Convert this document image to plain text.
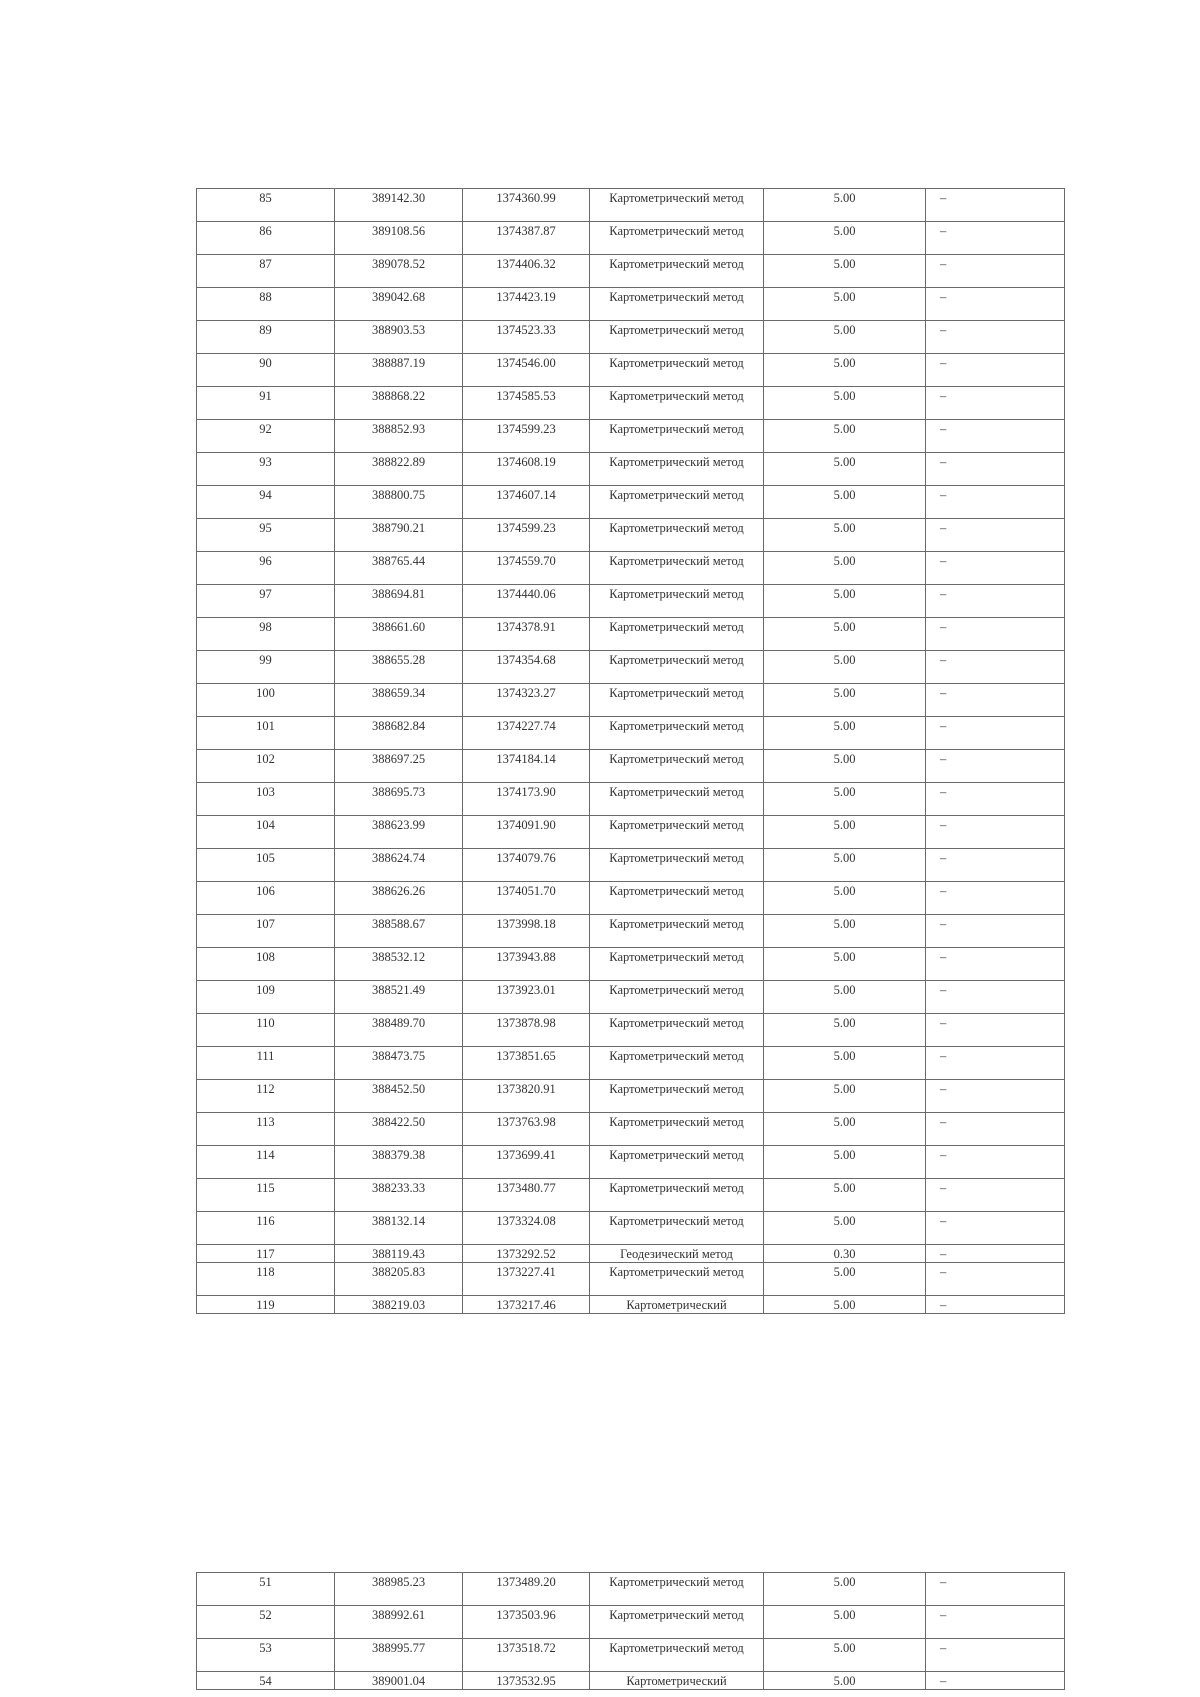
85	389142.30	1374360.99	Картометрический метод	5.00	–
86	389108.56	1374387.87	Картометрический метод	5.00	–
87	389078.52	1374406.32	Картометрический метод	5.00	–
88	389042.68	1374423.19	Картометрический метод	5.00	–
89	388903.53	1374523.33	Картометрический метод	5.00	–
90	388887.19	1374546.00	Картометрический метод	5.00	–
91	388868.22	1374585.53	Картометрический метод	5.00	–
92	388852.93	1374599.23	Картометрический метод	5.00	–
93	388822.89	1374608.19	Картометрический метод	5.00	–
94	388800.75	1374607.14	Картометрический метод	5.00	–
95	388790.21	1374599.23	Картометрический метод	5.00	–
96	388765.44	1374559.70	Картометрический метод	5.00	–
97	388694.81	1374440.06	Картометрический метод	5.00	–
98	388661.60	1374378.91	Картометрический метод	5.00	–
99	388655.28	1374354.68	Картометрический метод	5.00	–
100	388659.34	1374323.27	Картометрический метод	5.00	–
101	388682.84	1374227.74	Картометрический метод	5.00	–
102	388697.25	1374184.14	Картометрический метод	5.00	–
103	388695.73	1374173.90	Картометрический метод	5.00	–
104	388623.99	1374091.90	Картометрический метод	5.00	–
105	388624.74	1374079.76	Картометрический метод	5.00	–
106	388626.26	1374051.70	Картометрический метод	5.00	–
107	388588.67	1373998.18	Картометрический метод	5.00	–
108	388532.12	1373943.88	Картометрический метод	5.00	–
109	388521.49	1373923.01	Картометрический метод	5.00	–
110	388489.70	1373878.98	Картометрический метод	5.00	–
111	388473.75	1373851.65	Картометрический метод	5.00	–
112	388452.50	1373820.91	Картометрический метод	5.00	–
113	388422.50	1373763.98	Картометрический метод	5.00	–
114	388379.38	1373699.41	Картометрический метод	5.00	–
115	388233.33	1373480.77	Картометрический метод	5.00	–
116	388132.14	1373324.08	Картометрический метод	5.00	–
117	388119.43	1373292.52	Геодезический метод	0.30	–
118	388205.83	1373227.41	Картометрический метод	5.00	–
119	388219.03	1373217.46	Картометрический	5.00	–
51	388985.23	1373489.20	Картометрический метод	5.00	–
52	388992.61	1373503.96	Картометрический метод	5.00	–
53	388995.77	1373518.72	Картометрический метод	5.00	–
54	389001.04	1373532.95	Картометрический	5.00	–
